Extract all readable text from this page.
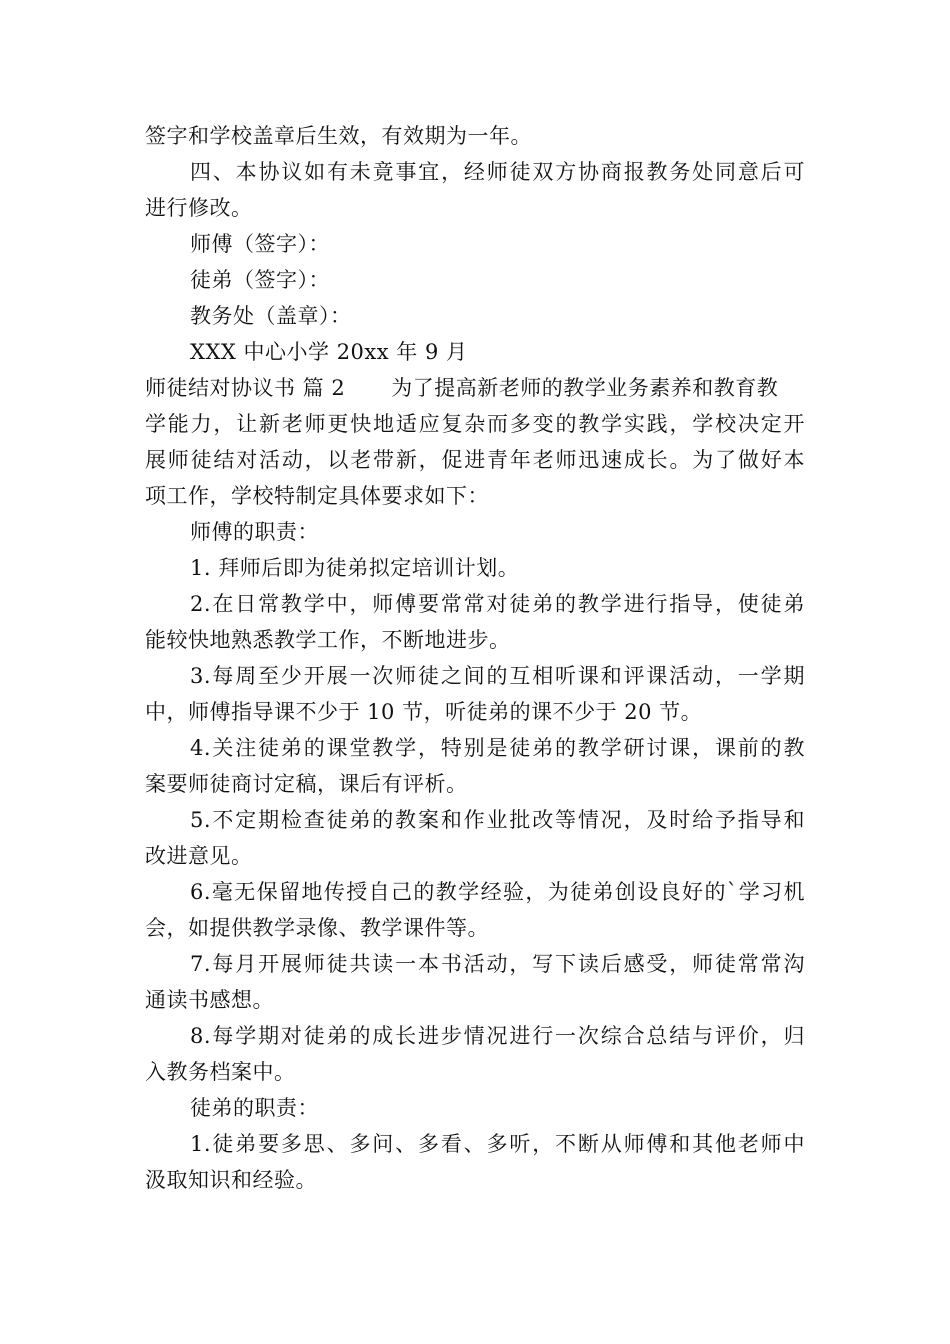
签字和学校盖章后生效，有效期为一年。
四、本协议如有未竟事宜，经师徒双方协商报教务处同意后可
进行修改。
师傅（签字）：
徒弟（签字）：
教务处（盖章）：
XXX 中心小学 20xx 年 9 月
师徒结对协议书 篇 2 为了提高新老师的教学业务素养和教育教
学能力，让新老师更快地适应复杂而多变的教学实践，学校决定开
展师徒结对活动，以老带新，促进青年老师迅速成长。为了做好本
项工作，学校特制定具体要求如下：
师傅的职责：
1. 拜师后即为徒弟拟定培训计划。
2.在日常教学中，师傅要常常对徒弟的教学进行指导，使徒弟
能较快地熟悉教学工作，不断地进步。
3.每周至少开展一次师徒之间的互相听课和评课活动，一学期
中，师傅指导课不少于 10 节，听徒弟的课不少于 20 节。
4.关注徒弟的课堂教学，特别是徒弟的教学研讨课，课前的教
案要师徒商讨定稿，课后有评析。
5.不定期检查徒弟的教案和作业批改等情况，及时给予指导和
改进意见。
6.毫无保留地传授自己的教学经验，为徒弟创设良好的`学习机
会，如提供教学录像、教学课件等。
7.每月开展师徒共读一本书活动，写下读后感受，师徒常常沟
通读书感想。
8.每学期对徒弟的成长进步情况进行一次综合总结与评价，归
入教务档案中。
徒弟的职责：
1.徒弟要多思、多问、多看、多听，不断从师傅和其他老师中
汲取知识和经验。
